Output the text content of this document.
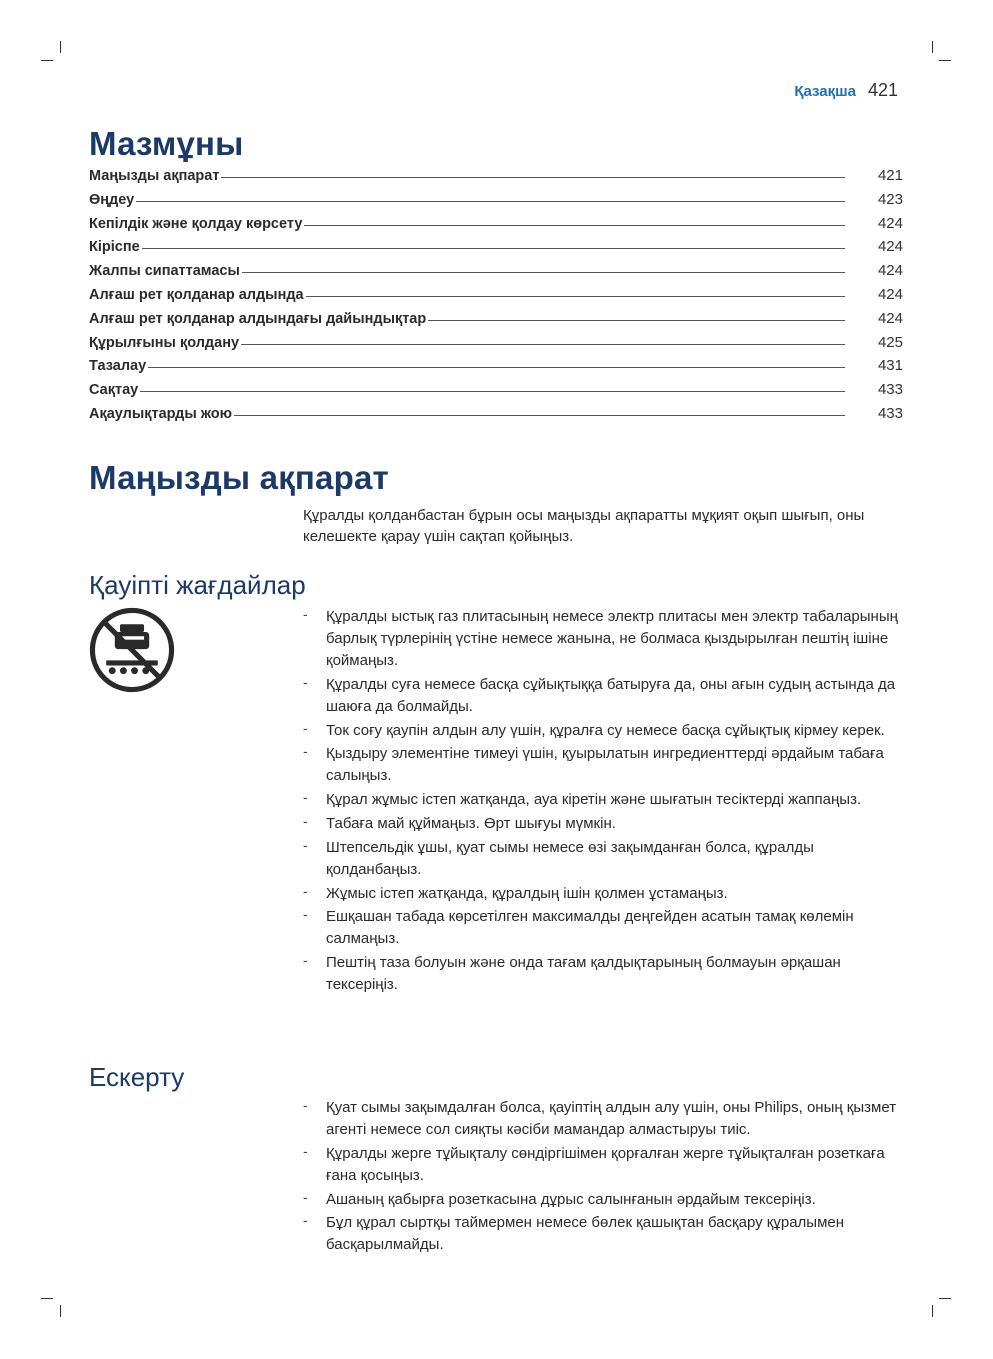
Қазақша 421
Мазмұны
Маңызды ақпарат	421
Өңдеу	423
Кепілдік және қолдау көрсету	424
Кіріспе	424
Жалпы сипаттамасы	424
Алғаш рет қолданар алдында	424
Алғаш рет қолданар алдындағы дайындықтар	424
Құрылғыны қолдану	425
Тазалау	431
Сақтау	433
Ақаулықтарды жою	433
Маңызды ақпарат

Құралды қолданбастан бұрын осы маңызды ақпаратты мұқият оқып шығып, оны келешекте қарау үшін сақтап қойыңыз.

Қауіпті жағдайлар
- Құралды ыстық газ плитасының немесе электр плитасы мен электр табаларының барлық түрлерінің үстіне немесе жанына, не болмаса қыздырылған пештің ішіне қоймаңыз.
- Құралды суға немесе басқа сұйықтыққа батыруға да, оны ағын судың астында да шаюға да болмайды.
- Ток соғу қаупін алдын алу үшін, құралға су немесе басқа сұйықтық кірмеу керек.
- Қыздыру элементіне тимеуі үшін, қуырылатын ингредиенттерді әрдайым табаға салыңыз.
- Құрал жұмыс істеп жатқанда, ауа кіретін және шығатын тесіктерді жаппаңыз.
- Табаға май құймаңыз. Өрт шығуы мүмкін.
- Штепсельдік ұшы, қуат сымы немесе өзі зақымданған болса, құралды қолданбаңыз.
- Жұмыс істеп жатқанда, құралдың ішін қолмен ұстамаңыз.
- Ешқашан табада көрсетілген максималды деңгейден асатын тамақ көлемін салмаңыз.
- Пештің таза болуын және онда тағам қалдықтарының болмауын әрқашан тексеріңіз.
Ескерту
- Қуат сымы зақымдалған болса, қауіптің алдын алу үшін, оны Philips, оның қызмет агенті немесе сол сияқты кәсіби мамандар алмастыруы тиіс.
- Құралды жерге тұйықталу сөндіргішімен қорғалған жерге тұйықталған розеткаға ғана қосыңыз.
- Ашаның қабырға розеткасына дұрыс салынғанын әрдайым тексеріңіз.
- Бұл құрал сыртқы таймермен немесе бөлек қашықтан басқару құралымен басқарылмайды.
